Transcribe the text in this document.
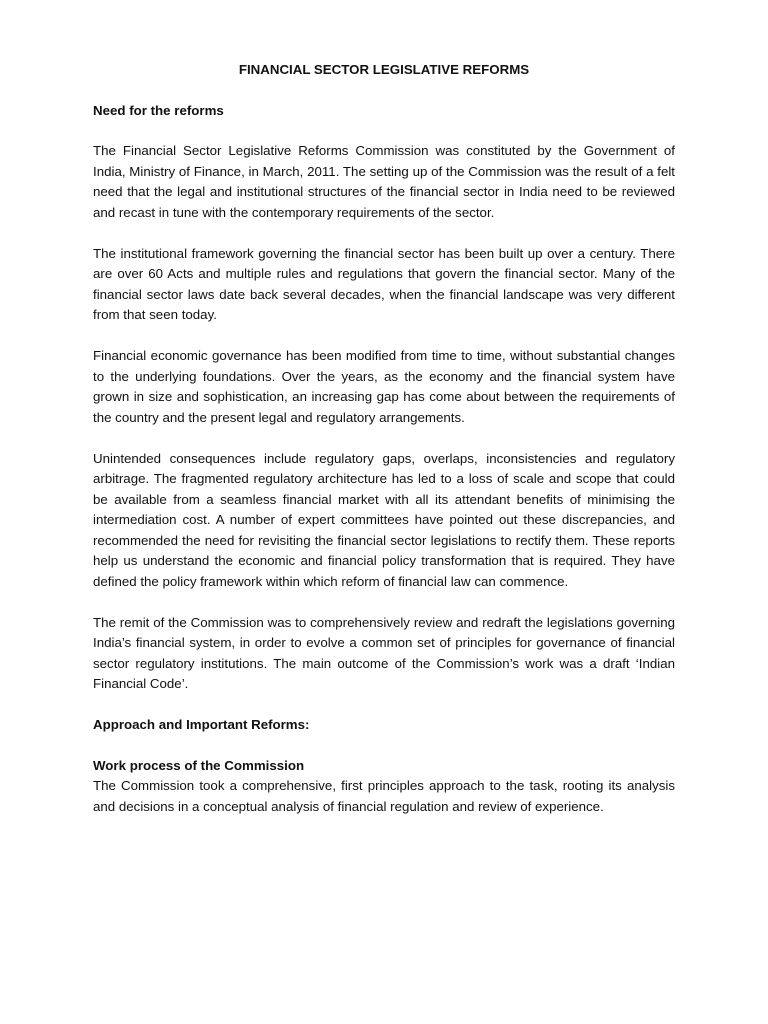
FINANCIAL SECTOR LEGISLATIVE REFORMS
Need for the reforms

The Financial Sector Legislative Reforms Commission was constituted by the Government of India, Ministry of Finance, in March, 2011. The setting up of the Commission was the result of a felt need that the legal and institutional structures of the financial sector in India need to be reviewed and recast in tune with the contemporary requirements of the sector.

The institutional framework governing the financial sector has been built up over a century. There are over 60 Acts and multiple rules and regulations that govern the financial sector. Many of the financial sector laws date back several decades, when the financial landscape was very different from that seen today.

Financial economic governance has been modified from time to time, without substantial changes to the underlying foundations. Over the years, as the economy and the financial system have grown in size and sophistication, an increasing gap has come about between the requirements of the country and the present legal and regulatory arrangements.

Unintended consequences include regulatory gaps, overlaps, inconsistencies and regulatory arbitrage. The fragmented regulatory architecture has led to a loss of scale and scope that could be available from a seamless financial market with all its attendant benefits of minimising the intermediation cost. A number of expert committees have pointed out these discrepancies, and recommended the need for revisiting the financial sector legislations to rectify them. These reports help us understand the economic and financial policy transformation that is required. They have defined the policy framework within which reform of financial law can commence.

The remit of the Commission was to comprehensively review and redraft the legislations governing India’s financial system, in order to evolve a common set of principles for governance of financial sector regulatory institutions. The main outcome of the Commission’s work was a draft ‘Indian Financial Code’.

Approach and Important Reforms:
Work process of the Commission

The Commission took a comprehensive, first principles approach to the task, rooting its analysis and decisions in a conceptual analysis of financial regulation and review of experience.
